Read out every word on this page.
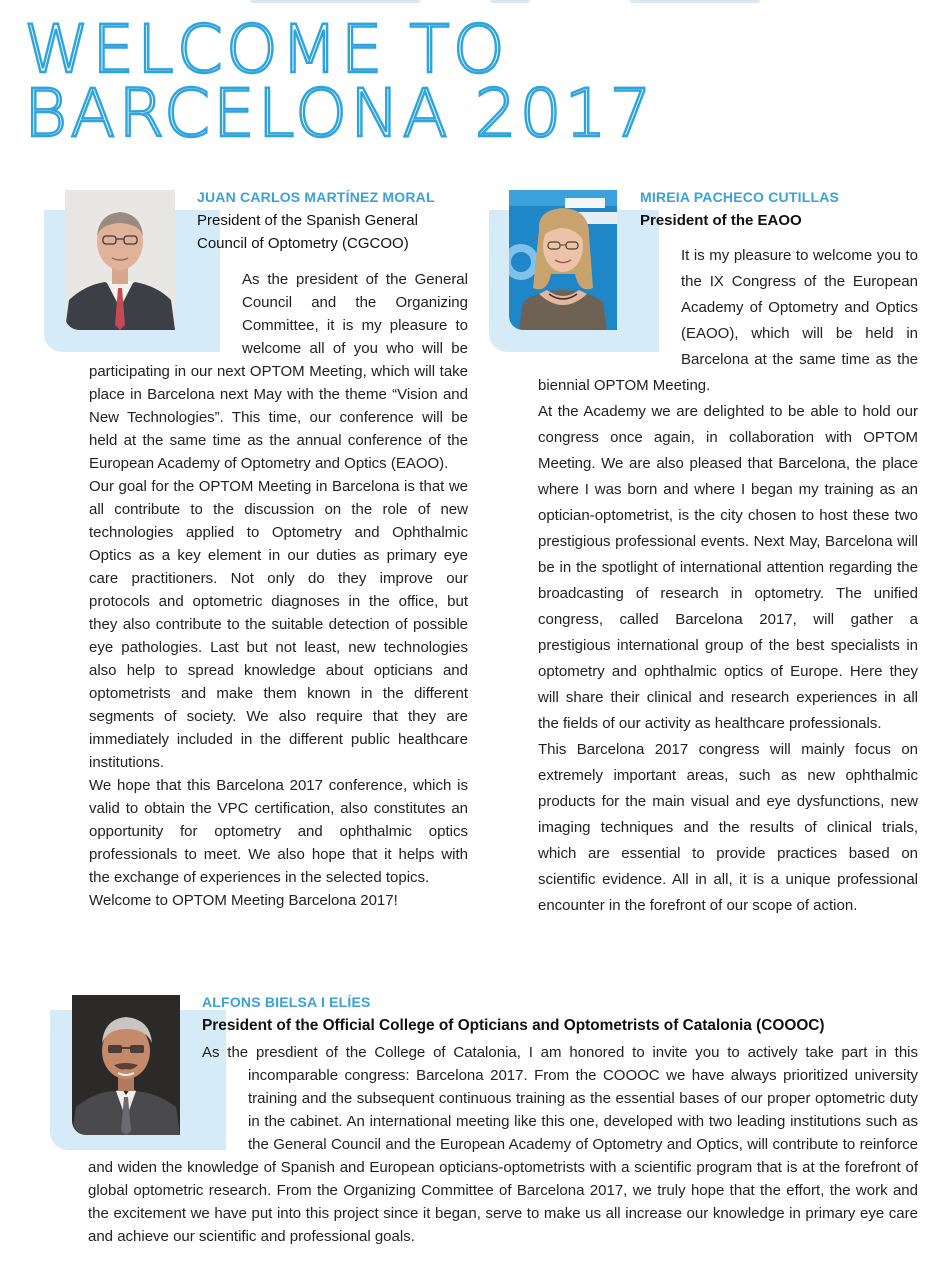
WELCOME TO
BARCELONA 2017

JUAN CARLOS MARTÍNEZ MORAL

President of the Spanish General Council of Optometry (CGCOO)

As the president of the General Council and the Organizing Committee, it is my pleasure to welcome all of you who will be participating in our next OPTOM Meeting, which will take place in Barcelona next May with the theme “Vision and New Technologies”. This time, our conference will be held at the same time as the annual conference of the European Academy of Optometry and Optics (EAOO).

Our goal for the OPTOM Meeting in Barcelona is that we all contribute to the discussion on the role of new technologies applied to Optometry and Ophthalmic Optics as a key element in our duties as primary eye care practitioners. Not only do they improve our protocols and optometric diagnoses in the office, but they also contribute to the suitable detection of possible eye pathologies. Last but not least, new technologies also help to spread knowledge about opticians and optometrists and make them known in the different segments of society. We also require that they are immediately included in the different public healthcare institutions.

We hope that this Barcelona 2017 conference, which is valid to obtain the VPC certification, also constitutes an opportunity for optometry and ophthalmic optics professionals to meet. We also hope that it helps with the exchange of experiences in the selected topics.

Welcome to OPTOM Meeting Barcelona 2017!

MIREIA PACHECO CUTILLAS

President of the EAOO

It is my pleasure to welcome you to the IX Congress of the European Academy of Optometry and Optics (EAOO), which will be held in Barcelona at the same time as the biennial OPTOM Meeting.

At the Academy we are delighted to be able to hold our congress once again, in collaboration with OPTOM Meeting. We are also pleased that Barcelona, the place where I was born and where I began my training as an optician-optometrist, is the city chosen to host these two prestigious professional events. Next May, Barcelona will be in the spotlight of international attention regarding the broadcasting of research in optometry. The unified congress, called Barcelona 2017, will gather a prestigious international group of the best specialists in optometry and ophthalmic optics of Europe. Here they will share their clinical and research experiences in all the fields of our activity as healthcare professionals.

This Barcelona 2017 congress will mainly focus on extremely important areas, such as new ophthalmic products for the main visual and eye dysfunctions, new imaging techniques and the results of clinical trials, which are essential to provide practices based on scientific evidence. All in all, it is a unique professional encounter in the forefront of our scope of action.

ALFONS BIELSA I ELÍES

President of the Official College of Opticians and Optometrists of Catalonia (COOOC)

As the presdient of the College of Catalonia, I am honored to invite you to actively take part in this incomparable congress: Barcelona 2017. From the COOOC we have always prioritized university training and the subsequent continuous training as the essential bases of our proper optometric duty in the cabinet. An international meeting like this one, developed with two leading institutions such as the General Council and the European Academy of Optometry and Optics, will contribute to reinforce and widen the knowledge of Spanish and European opticians-optometrists with a scientific program that is at the forefront of global optometric research. From the Organizing Committee of Barcelona 2017, we truly hope that the effort, the work and the excitement we have put into this project since it began, serve to make us all increase our knowledge in primary eye care and achieve our scientific and professional goals.
